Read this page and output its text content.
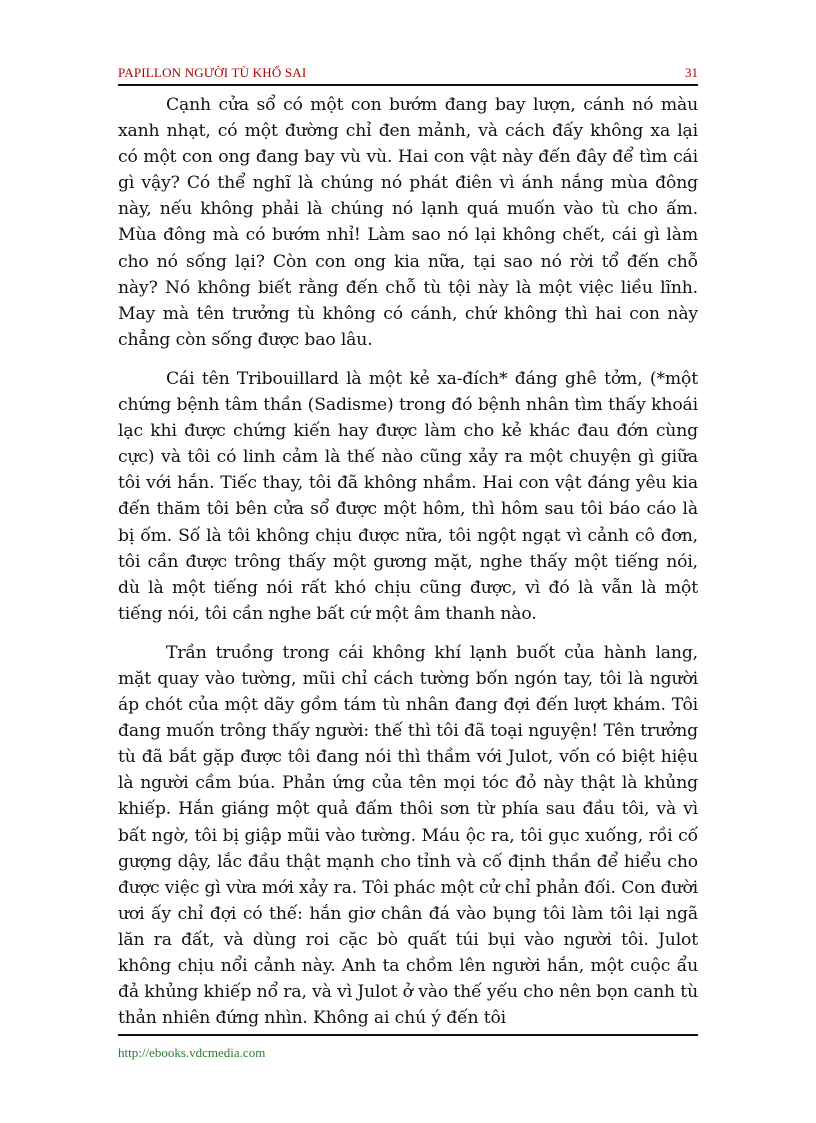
PAPILLON NGƯỜI TÙ KHỔ SAI	31

Cạnh cửa sổ có một con bướm đang bay lượn, cánh nó màu xanh nhạt, có một đường chỉ đen mảnh, và cách đấy không xa lại có một con ong đang bay vù vù. Hai con vật này đến đây để tìm cái gì vậy? Có thể nghĩ là chúng nó phát điên vì ánh nắng mùa đông này, nếu không phải là chúng nó lạnh quá muốn vào tù cho ấm. Mùa đông mà có bướm nhỉ! Làm sao nó lại không chết, cái gì làm cho nó sống lại? Còn con ong kia nữa, tại sao nó rời tổ đến chỗ này? Nó không biết rằng đến chỗ tù tội này là một việc liều lĩnh. May mà tên trưởng tù không có cánh, chứ không thì hai con này chẳng còn sống được bao lâu.

Cái tên Tribouillard là một kẻ xa-đích* đáng ghê tởm, (*một chứng bệnh tâm thần (Sadisme) trong đó bệnh nhân tìm thấy khoái lạc khi được chứng kiến hay được làm cho kẻ khác đau đớn cùng cực) và tôi có linh cảm là thế nào cũng xảy ra một chuyện gì giữa tôi với hắn. Tiếc thay, tôi đã không nhầm. Hai con vật đáng yêu kia đến thăm tôi bên cửa sổ được một hôm, thì hôm sau tôi báo cáo là bị ốm. Số là tôi không chịu được nữa, tôi ngột ngạt vì cảnh cô đơn, tôi cần được trông thấy một gương mặt, nghe thấy một tiếng nói, dù là một tiếng nói rất khó chịu cũng được, vì đó là vẫn là một tiếng nói, tôi cần nghe bất cứ một âm thanh nào.

Trần truồng trong cái không khí lạnh buốt của hành lang, mặt quay vào tường, mũi chỉ cách tường bốn ngón tay, tôi là người áp chót của một dãy gồm tám tù nhân đang đợi đến lượt khám. Tôi đang muốn trông thấy người: thế thì tôi đã toại nguyện! Tên trưởng tù đã bắt gặp được tôi đang nói thì thầm với Julot, vốn có biệt hiệu là người cầm búa. Phản ứng của tên mọi tóc đỏ này thật là khủng khiếp. Hắn giáng một quả đấm thôi sơn từ phía sau đầu tôi, và vì bất ngờ, tôi bị giập mũi vào tường. Máu ộc ra, tôi gục xuống, rồi cố gượng dậy, lắc đầu thật mạnh cho tỉnh và cố định thần để hiểu cho được việc gì vừa mới xảy ra. Tôi phác một cử chỉ phản đối. Con đười ươi ấy chỉ đợi có thế: hắn giơ chân đá vào bụng tôi làm tôi lại ngã lăn ra đất, và dùng roi cặc bò quất túi bụi vào người tôi. Julot không chịu nổi cảnh này. Anh ta chồm lên người hắn, một cuộc ẩu đả khủng khiếp nổ ra, và vì Julot ở vào thế yếu cho nên bọn canh tù thản nhiên đứng nhìn. Không ai chú ý đến tôi

http://ebooks.vdcmedia.com
